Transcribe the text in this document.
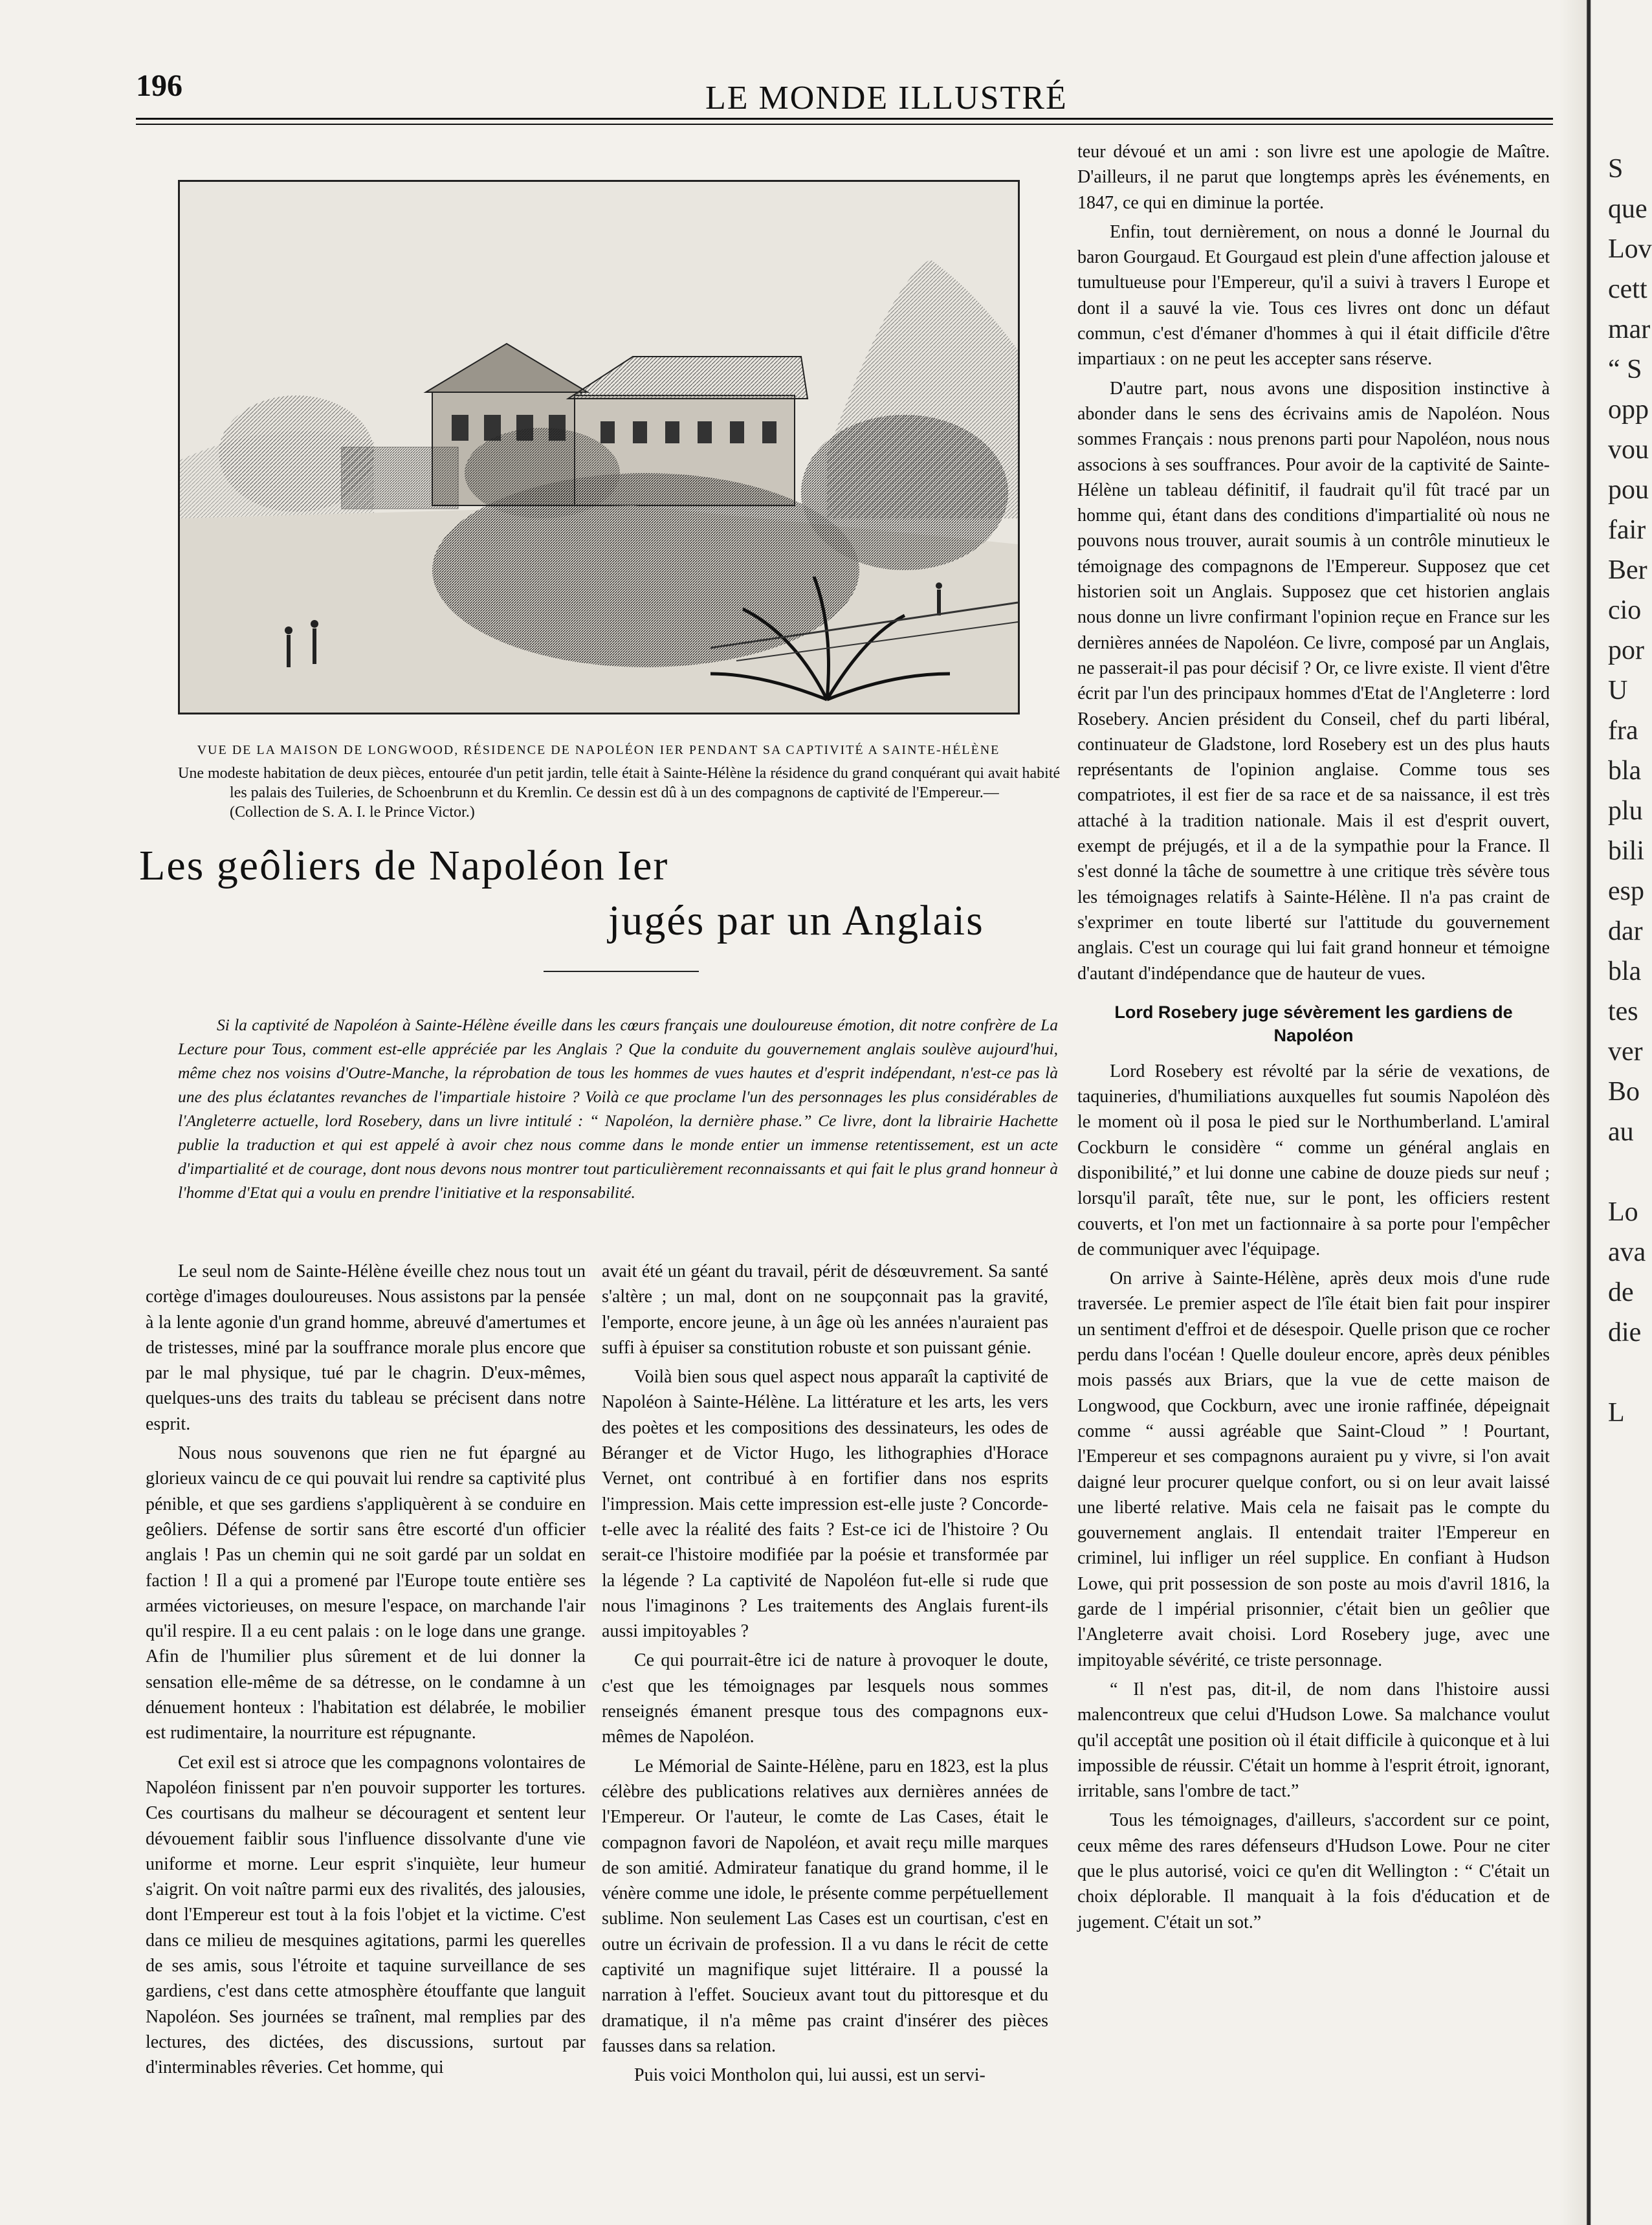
S
que
Lov
cett
mar
“ S
opp
vou
pou
fair
Ber
cio
por
U
fra
bla
plu
bili
esp
dar
bla
tes
ver
Bo
au
Lo
ava
de
die
L
196	LE MONDE ILLUSTRÉ
VUE DE LA MAISON DE LONGWOOD, RÉSIDENCE DE NAPOLÉON IER PENDANT SA CAPTIVITÉ A SAINTE-HÉLÈNE
Une modeste habitation de deux pièces, entourée d'un petit jardin, telle était à Sainte-Hélène la résidence du grand conquérant qui avait habité les palais des Tuileries, de Schoenbrunn et du Kremlin. Ce dessin est dû à un des compagnons de captivité de l'Empereur.—(Collection de S. A. I. le Prince Victor.)
Les geôliers de Napoléon Ier
jugés par un Anglais
Si la captivité de Napoléon à Sainte-Hélène éveille dans les cœurs français une douloureuse émotion, dit notre confrère de La Lecture pour Tous, comment est-elle appréciée par les Anglais ? Que la conduite du gouvernement anglais soulève aujourd'hui, même chez nos voisins d'Outre-Manche, la réprobation de tous les hommes de vues hautes et d'esprit indépendant, n'est-ce pas là une des plus éclatantes revanches de l'impartiale histoire ? Voilà ce que proclame l'un des personnages les plus considérables de l'Angleterre actuelle, lord Rosebery, dans un livre intitulé : “ Napoléon, la dernière phase.” Ce livre, dont la librairie Hachette publie la traduction et qui est appelé à avoir chez nous comme dans le monde entier un immense retentissement, est un acte d'impartialité et de courage, dont nous devons nous montrer tout particulièrement reconnaissants et qui fait le plus grand honneur à l'homme d'Etat qui a voulu en prendre l'initiative et la responsabilité.

Le seul nom de Sainte-Hélène éveille chez nous tout un cortège d'images douloureuses. Nous assistons par la pensée à la lente agonie d'un grand homme, abreuvé d'amertumes et de tristesses, miné par la souffrance morale plus encore que par le mal physique, tué par le chagrin. D'eux-mêmes, quelques-uns des traits du tableau se précisent dans notre esprit.

Nous nous souvenons que rien ne fut épargné au glorieux vaincu de ce qui pouvait lui rendre sa captivité plus pénible, et que ses gardiens s'appliquèrent à se conduire en geôliers. Défense de sortir sans être escorté d'un officier anglais ! Pas un chemin qui ne soit gardé par un soldat en faction ! Il a qui a promené par l'Europe toute entière ses armées victorieuses, on mesure l'espace, on marchande l'air qu'il respire. Il a eu cent palais : on le loge dans une grange. Afin de l'humilier plus sûrement et de lui donner la sensation elle-même de sa détresse, on le condamne à un dénuement honteux : l'habitation est délabrée, le mobilier est rudimentaire, la nourriture est répugnante.

Cet exil est si atroce que les compagnons volontaires de Napoléon finissent par n'en pouvoir supporter les tortures. Ces courtisans du malheur se découragent et sentent leur dévouement faiblir sous l'influence dissolvante d'une vie uniforme et morne. Leur esprit s'inquiète, leur humeur s'aigrit. On voit naître parmi eux des rivalités, des jalousies, dont l'Empereur est tout à la fois l'objet et la victime. C'est dans ce milieu de mesquines agitations, parmi les querelles de ses amis, sous l'étroite et taquine surveillance de ses gardiens, c'est dans cette atmosphère étouffante que languit Napoléon. Ses journées se traînent, mal remplies par des lectures, des dictées, des discussions, surtout par d'interminables rêveries. Cet homme, qui

avait été un géant du travail, périt de désœuvrement. Sa santé s'altère ; un mal, dont on ne soupçonnait pas la gravité, l'emporte, encore jeune, à un âge où les années n'auraient pas suffi à épuiser sa constitution robuste et son puissant génie.

Voilà bien sous quel aspect nous apparaît la captivité de Napoléon à Sainte-Hélène. La littérature et les arts, les vers des poètes et les compositions des dessinateurs, les odes de Béranger et de Victor Hugo, les lithographies d'Horace Vernet, ont contribué à en fortifier dans nos esprits l'impression. Mais cette impression est-elle juste ? Concorde-t-elle avec la réalité des faits ? Est-ce ici de l'histoire ? Ou serait-ce l'histoire modifiée par la poésie et transformée par la légende ? La captivité de Napoléon fut-elle si rude que nous l'imaginons ? Les traitements des Anglais furent-ils aussi impitoyables ?

Ce qui pourrait-être ici de nature à provoquer le doute, c'est que les témoignages par lesquels nous sommes renseignés émanent presque tous des compagnons eux-mêmes de Napoléon.

Le Mémorial de Sainte-Hélène, paru en 1823, est la plus célèbre des publications relatives aux dernières années de l'Empereur. Or l'auteur, le comte de Las Cases, était le compagnon favori de Napoléon, et avait reçu mille marques de son amitié. Admirateur fanatique du grand homme, il le vénère comme une idole, le présente comme perpétuellement sublime. Non seulement Las Cases est un courtisan, c'est en outre un écrivain de profession. Il a vu dans le récit de cette captivité un magnifique sujet littéraire. Il a poussé la narration à l'effet. Soucieux avant tout du pittoresque et du dramatique, il n'a même pas craint d'insérer des pièces fausses dans sa relation.

Puis voici Montholon qui, lui aussi, est un servi-

teur dévoué et un ami : son livre est une apologie de Maître. D'ailleurs, il ne parut que longtemps après les événements, en 1847, ce qui en diminue la portée.

Enfin, tout dernièrement, on nous a donné le Journal du baron Gourgaud. Et Gourgaud est plein d'une affection jalouse et tumultueuse pour l'Empereur, qu'il a suivi à travers l Europe et dont il a sauvé la vie. Tous ces livres ont donc un défaut commun, c'est d'émaner d'hommes à qui il était difficile d'être impartiaux : on ne peut les accepter sans réserve.

D'autre part, nous avons une disposition instinctive à abonder dans le sens des écrivains amis de Napoléon. Nous sommes Français : nous prenons parti pour Napoléon, nous nous associons à ses souffrances. Pour avoir de la captivité de Sainte-Hélène un tableau définitif, il faudrait qu'il fût tracé par un homme qui, étant dans des conditions d'impartialité où nous ne pouvons nous trouver, aurait soumis à un contrôle minutieux le témoignage des compagnons de l'Empereur. Supposez que cet historien soit un Anglais. Supposez que cet historien anglais nous donne un livre confirmant l'opinion reçue en France sur les dernières années de Napoléon. Ce livre, composé par un Anglais, ne passerait-il pas pour décisif ? Or, ce livre existe. Il vient d'être écrit par l'un des principaux hommes d'Etat de l'Angleterre : lord Rosebery. Ancien président du Conseil, chef du parti libéral, continuateur de Gladstone, lord Rosebery est un des plus hauts représentants de l'opinion anglaise. Comme tous ses compatriotes, il est fier de sa race et de sa naissance, il est très attaché à la tradition nationale. Mais il est d'esprit ouvert, exempt de préjugés, et il a de la sympathie pour la France. Il s'est donné la tâche de soumettre à une critique très sévère tous les témoignages relatifs à Sainte-Hélène. Il n'a pas craint de s'exprimer en toute liberté sur l'attitude du gouvernement anglais. C'est un courage qui lui fait grand honneur et témoigne d'autant d'indépendance que de hauteur de vues.

Lord Rosebery juge sévèrement les gardiens de Napoléon

Lord Rosebery est révolté par la série de vexations, de taquineries, d'humiliations auxquelles fut soumis Napoléon dès le moment où il posa le pied sur le Northumberland. L'amiral Cockburn le considère “ comme un général anglais en disponibilité,” et lui donne une cabine de douze pieds sur neuf ; lorsqu'il paraît, tête nue, sur le pont, les officiers restent couverts, et l'on met un factionnaire à sa porte pour l'empêcher de communiquer avec l'équipage.

On arrive à Sainte-Hélène, après deux mois d'une rude traversée. Le premier aspect de l'île était bien fait pour inspirer un sentiment d'effroi et de désespoir. Quelle prison que ce rocher perdu dans l'océan ! Quelle douleur encore, après deux pénibles mois passés aux Briars, que la vue de cette maison de Longwood, que Cockburn, avec une ironie raffinée, dépeignait comme “ aussi agréable que Saint-Cloud ” ! Pourtant, l'Empereur et ses compagnons auraient pu y vivre, si l'on avait daigné leur procurer quelque confort, ou si on leur avait laissé une liberté relative. Mais cela ne faisait pas le compte du gouvernement anglais. Il entendait traiter l'Empereur en criminel, lui infliger un réel supplice. En confiant à Hudson Lowe, qui prit possession de son poste au mois d'avril 1816, la garde de l impérial prisonnier, c'était bien un geôlier que l'Angleterre avait choisi. Lord Rosebery juge, avec une impitoyable sévérité, ce triste personnage.

“ Il n'est pas, dit-il, de nom dans l'histoire aussi malencontreux que celui d'Hudson Lowe. Sa malchance voulut qu'il acceptât une position où il était difficile à quiconque et à lui impossible de réussir. C'était un homme à l'esprit étroit, ignorant, irritable, sans l'ombre de tact.”

Tous les témoignages, d'ailleurs, s'accordent sur ce point, ceux même des rares défenseurs d'Hudson Lowe. Pour ne citer que le plus autorisé, voici ce qu'en dit Wellington : “ C'était un choix déplorable. Il manquait à la fois d'éducation et de jugement. C'était un sot.”
